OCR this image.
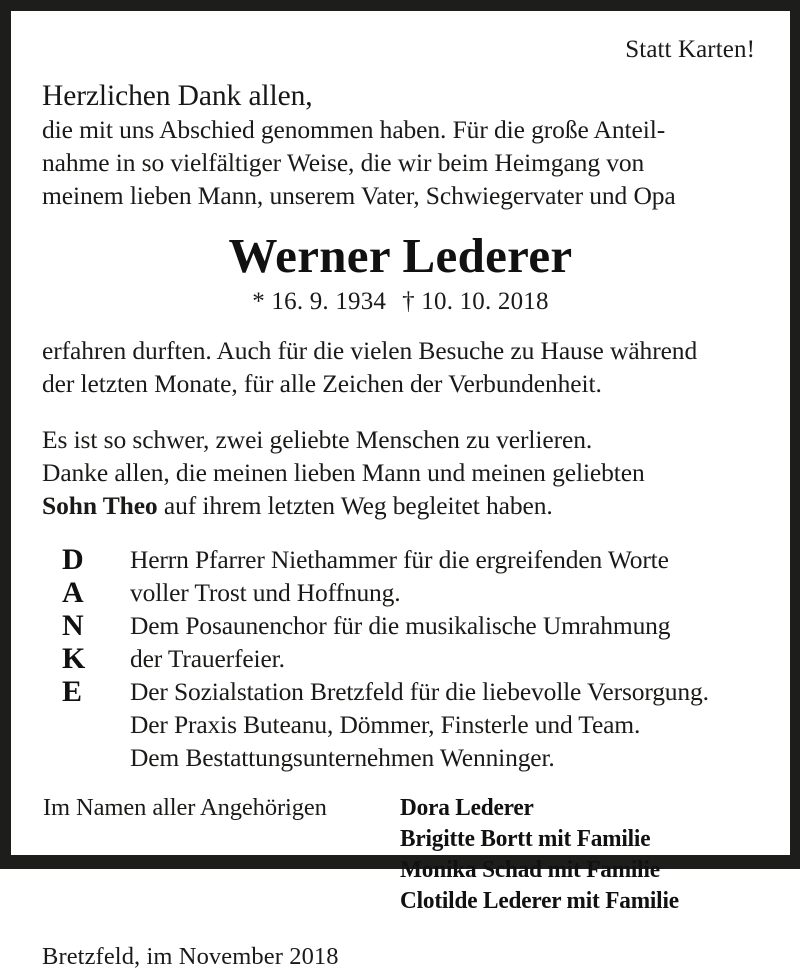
Statt Karten!
Herzlichen Dank allen,
die mit uns Abschied genommen haben. Für die große Anteil-
nahme in so vielfältiger Weise, die wir beim Heimgang von
meinem lieben Mann, unserem Vater, Schwiegervater und Opa
Werner Lederer
* 16. 9. 1934 † 10. 10. 2018
erfahren durften. Auch für die vielen Besuche zu Hause während
der letzten Monate, für alle Zeichen der Verbundenheit.
Es ist so schwer, zwei geliebte Menschen zu verlieren.
Danke allen, die meinen lieben Mann und meinen geliebten
Sohn Theo auf ihrem letzten Weg begleitet haben.
D
A
N
K
E
Herrn Pfarrer Niethammer für die ergreifenden Worte
voller Trost und Hoffnung.
Dem Posaunenchor für die musikalische Umrahmung
der Trauerfeier.
Der Sozialstation Bretzfeld für die liebevolle Versorgung.
Der Praxis Buteanu, Dömmer, Finsterle und Team.
Dem Bestattungsunternehmen Wenninger.
Im Namen aller Angehörigen	Dora Lederer
Brigitte Bortt mit Familie
Monika Schad mit Familie
Clotilde Lederer mit Familie
Bretzfeld, im November 2018
